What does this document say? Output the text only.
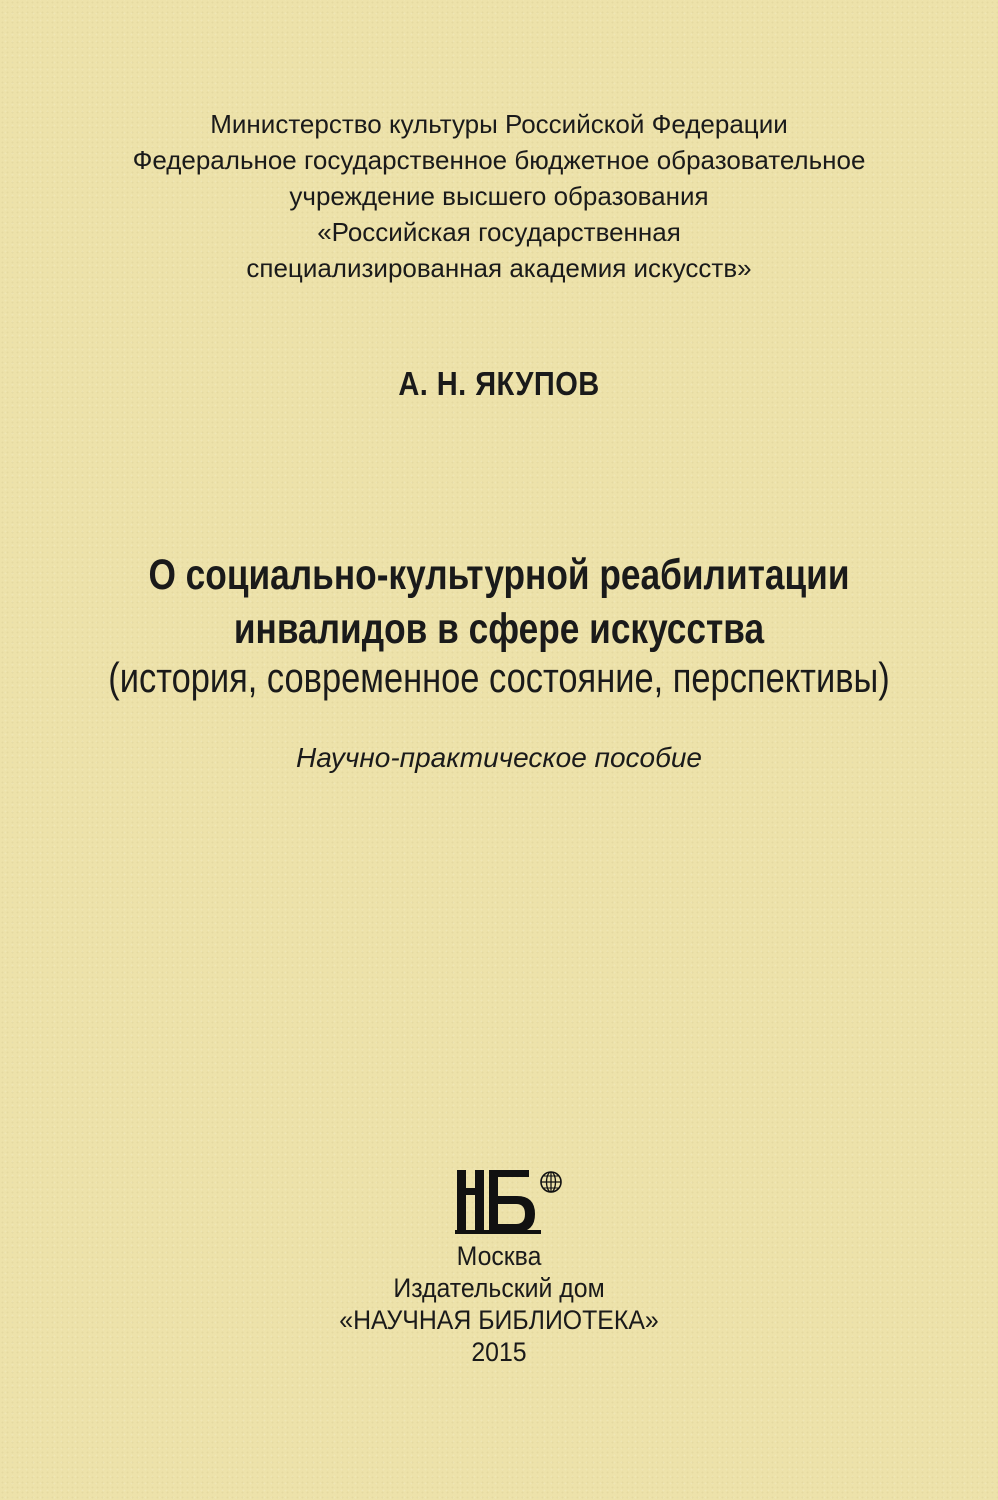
Министерство культуры Российской Федерации
Федеральное государственное бюджетное образовательное
учреждение высшего образования
«Российская государственная
специализированная академия искусств»
А. Н. ЯКУПОВ
О социально-культурной реабилитации
инвалидов в сфере искусства
(история, современное состояние, перспективы)
Научно-практическое пособие
Москва
Издательский дом
«НАУЧНАЯ БИБЛИОТЕКА»
2015
